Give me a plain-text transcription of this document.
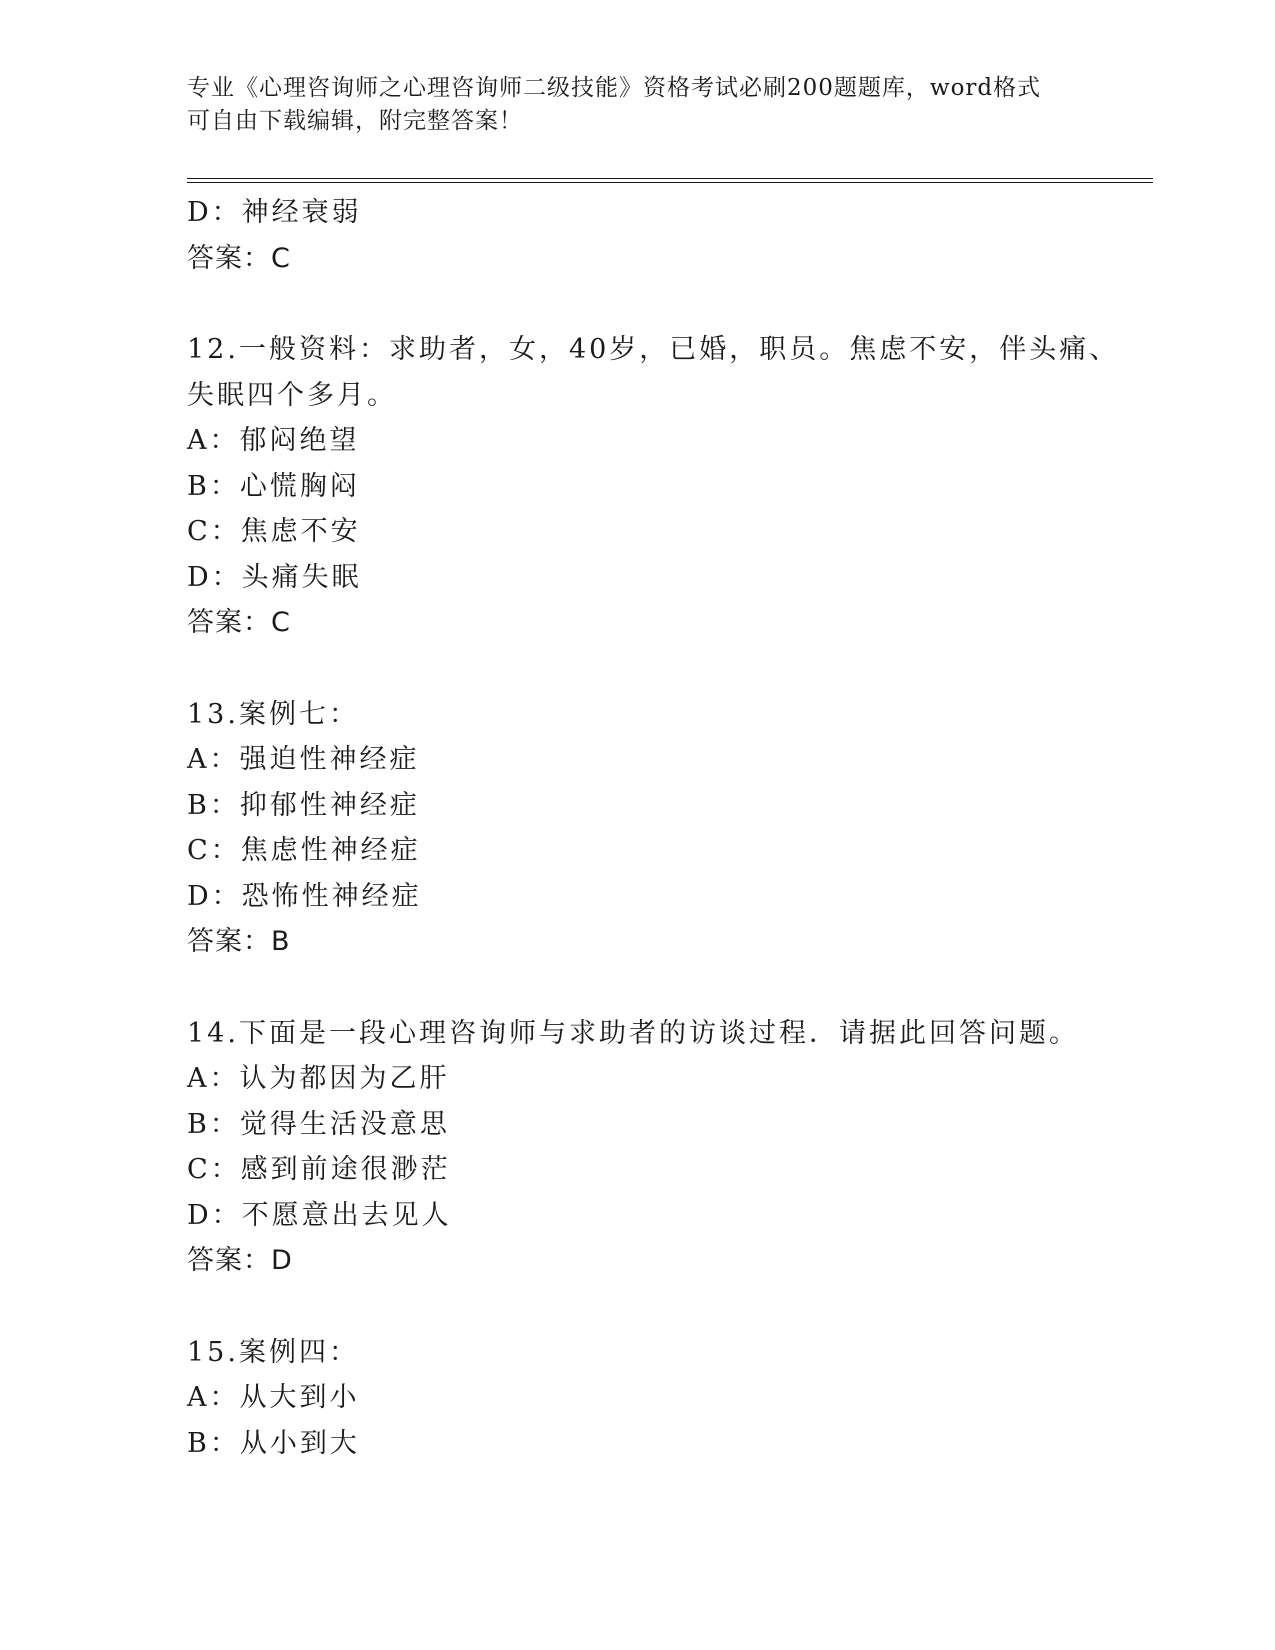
专业《心理咨询师之心理咨询师二级技能》资格考试必刷200题题库，word格式
可自由下载编辑，附完整答案！
D：神经衰弱
答案：C
12.一般资料：求助者，女，40岁，已婚，职员。焦虑不安，伴头痛、
失眠四个多月。
A：郁闷绝望
B：心慌胸闷
C：焦虑不安
D：头痛失眠
答案：C
13.案例七：
A：强迫性神经症
B：抑郁性神经症
C：焦虑性神经症
D：恐怖性神经症
答案：B
14.下面是一段心理咨询师与求助者的访谈过程．请据此回答问题。
A：认为都因为乙肝
B：觉得生活没意思
C：感到前途很渺茫
D：不愿意出去见人
答案：D
15.案例四：
A：从大到小
B：从小到大
